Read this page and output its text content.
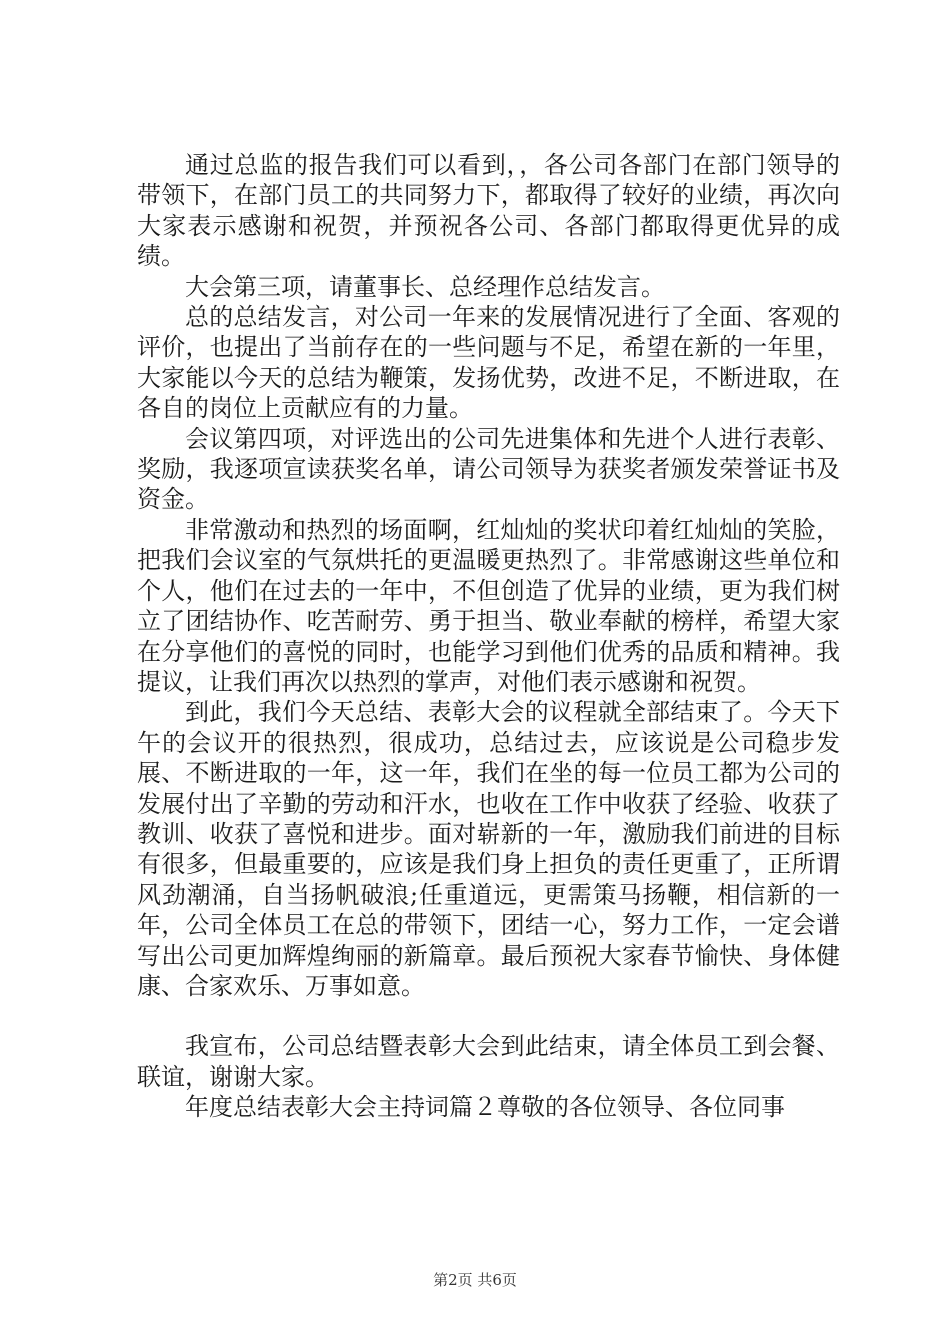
通过总监的报告我们可以看到，，各公司各部门在部门领导的带领下，在部门员工的共同努力下，都取得了较好的业绩，再次向大家表示感谢和祝贺，并预祝各公司、各部门都取得更优异的成绩。

大会第三项，请董事长、总经理作总结发言。

总的总结发言，对公司一年来的发展情况进行了全面、客观的评价，也提出了当前存在的一些问题与不足，希望在新的一年里，大家能以今天的总结为鞭策，发扬优势，改进不足，不断进取，在各自的岗位上贡献应有的力量。

会议第四项，对评选出的公司先进集体和先进个人进行表彰、奖励，我逐项宣读获奖名单，请公司领导为获奖者颁发荣誉证书及资金。

非常激动和热烈的场面啊，红灿灿的奖状印着红灿灿的笑脸，把我们会议室的气氛烘托的更温暖更热烈了。非常感谢这些单位和个人，他们在过去的一年中，不但创造了优异的业绩，更为我们树立了团结协作、吃苦耐劳、勇于担当、敬业奉献的榜样，希望大家在分享他们的喜悦的同时，也能学习到他们优秀的品质和精神。我提议，让我们再次以热烈的掌声，对他们表示感谢和祝贺。

到此，我们今天总结、表彰大会的议程就全部结束了。今天下午的会议开的很热烈，很成功，总结过去，应该说是公司稳步发展、不断进取的一年，这一年，我们在坐的每一位员工都为公司的发展付出了辛勤的劳动和汗水，也收在工作中收获了经验、收获了教训、收获了喜悦和进步。面对崭新的一年，激励我们前进的目标有很多，但最重要的，应该是我们身上担负的责任更重了，正所谓风劲潮涌，自当扬帆破浪;任重道远，更需策马扬鞭，相信新的一年，公司全体员工在总的带领下，团结一心，努力工作，一定会谱写出公司更加辉煌绚丽的新篇章。最后预祝大家春节愉快、身体健康、合家欢乐、万事如意。

我宣布，公司总结暨表彰大会到此结束，请全体员工到会餐、联谊，谢谢大家。

年度总结表彰大会主持词篇２尊敬的各位领导、各位同事

第2页 共6页
